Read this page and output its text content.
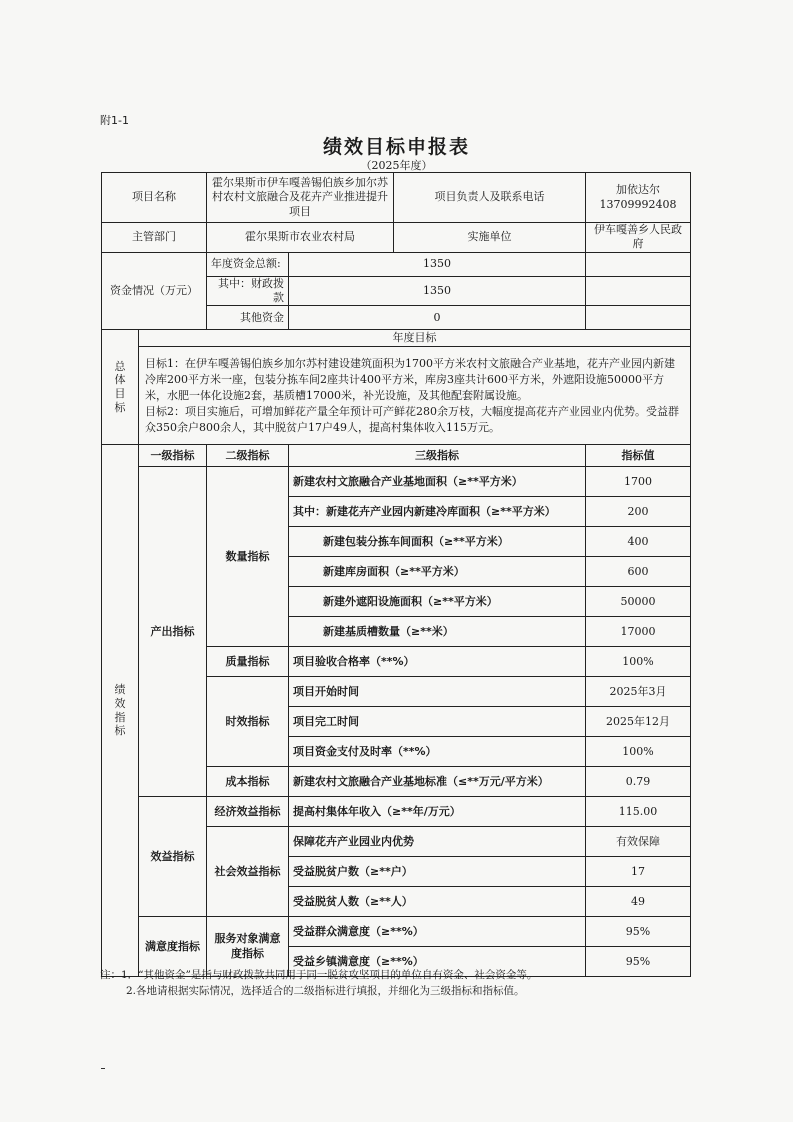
附1-1
绩效目标申报表
（2025年度）
项目名称		霍尔果斯市伊车嘎善锡伯族乡加尔苏村农村文旅融合及花卉产业推进提升项目		项目负责人及联系电话	加依达尔 13709992408
主管部门		霍尔果斯市农业农村局		实施单位	伊车嘎善乡人民政府
资金情况（万元）		年度资金总额:	1350		
		其中：财政拨款	1350		
		其他资金	0		
总
体
目
标	年度目标				

	目标1：在伊车嘎善锡伯族乡加尔苏村建设建筑面积为1700平方米农村文旅融合产业基地，花卉产业园内新建冷库200平方米一座，包装分拣车间2座共计400平方米，库房3座共计600平方米，外遮阳设施50000平方米，水肥一体化设施2套，基质槽17000米，补光设施，及其他配套附属设施。
目标2：项目实施后，可增加鲜花产量全年预计可产鲜花280余万枝，大幅度提高花卉产业园业内优势。受益群众350余户800余人，其中脱贫户17户49人，提高村集体收入115万元。				

绩
效
指
标	一级指标	二级指标	三级指标		指标值
	产出指标	数量指标	新建农村文旅融合产业基地面积（≥**平方米）		1700
			其中：新建花卉产业园内新建冷库面积（≥**平方米）		200
			新建包装分拣车间面积（≥**平方米）		400
			新建库房面积（≥**平方米）		600
			新建外遮阳设施面积（≥**平方米）		50000
			新建基质槽数量（≥**米）		17000
		质量指标	项目验收合格率（**%）		100%
		时效指标	项目开始时间		2025年3月
			项目完工时间		2025年12月
			项目资金支付及时率（**%）		100%
		成本指标	新建农村文旅融合产业基地标准（≤**万元/平方米）		0.79
	效益指标	经济效益指标	提高村集体年收入（≥**年/万元）		115.00
		社会效益指标	保障花卉产业园业内优势		有效保障
			受益脱贫户数（≥**户）		17
			受益脱贫人数（≥**人）		49
	满意度指标	服务对象满意度指标	受益群众满意度（≥**%）		95%
			受益乡镇满意度（≥**%）		95%
注：1．“其他资金”是指与财政拨款共同用于同一脱贫攻坚项目的单位自有资金、社会资金等。
2.各地请根据实际情况，选择适合的二级指标进行填报，并细化为三级指标和指标值。
